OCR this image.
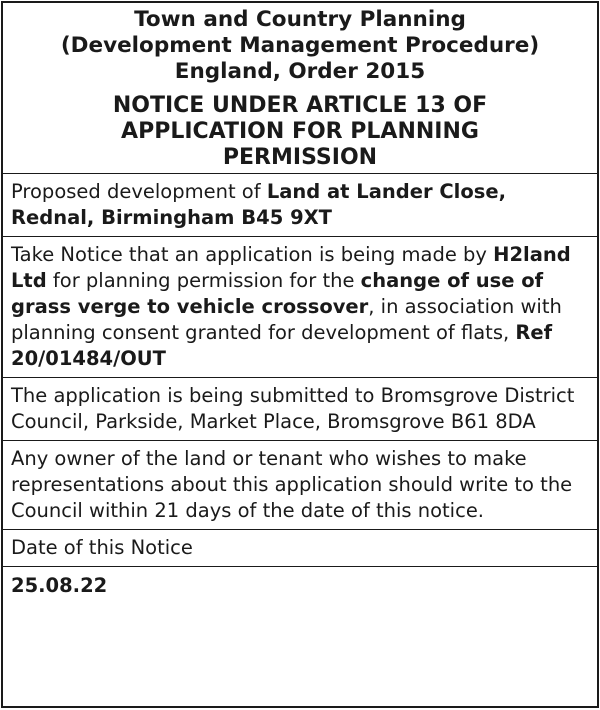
Town and Country Planning

(Development Management Procedure)

England, Order 2015

NOTICE UNDER ARTICLE 13 OF

APPLICATION FOR PLANNING

PERMISSION

Proposed development of Land at Lander Close, Rednal, Birmingham B45 9XT

Take Notice that an application is being made by H2land Ltd for planning permission for the change of use of grass verge to vehicle crossover, in association with planning consent granted for development of flats, Ref 20/01484/OUT

The application is being submitted to Bromsgrove District Council, Parkside, Market Place, Bromsgrove B61 8DA

Any owner of the land or tenant who wishes to make representations about this application should write to the Council within 21 days of the date of this notice.

Date of this Notice

25.08.22
